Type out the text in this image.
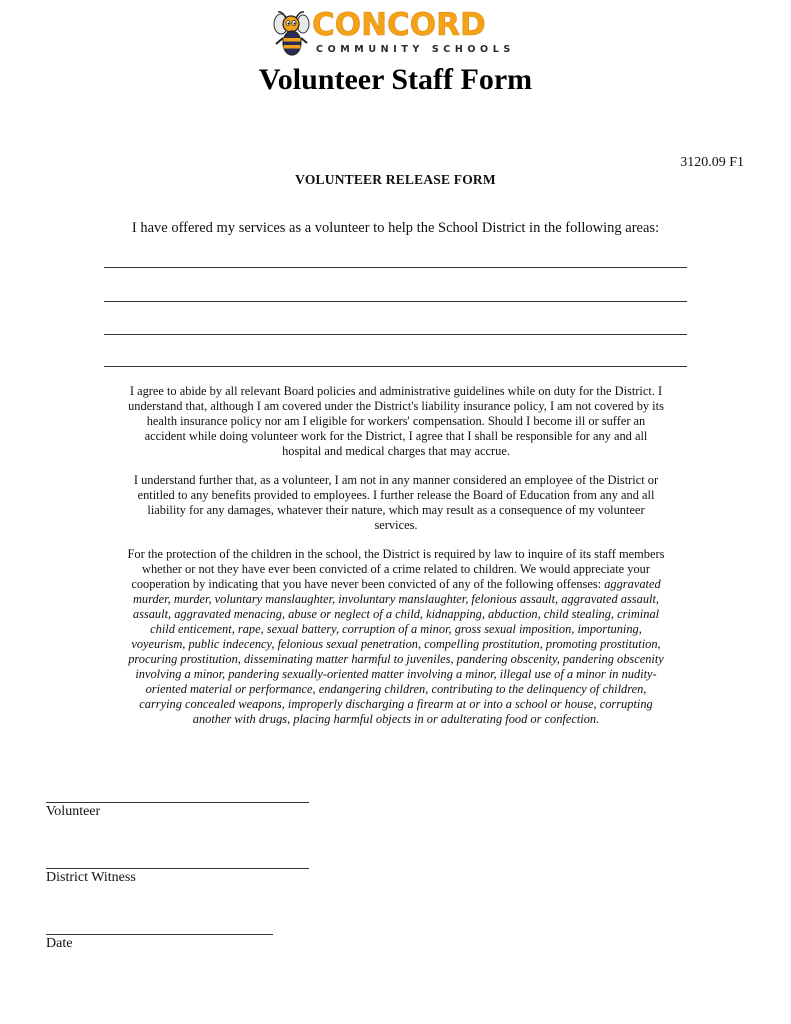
CONCORD
COMMUNITY SCHOOLS
Volunteer Staff Form
3120.09 F1
VOLUNTEER RELEASE FORM
I have offered my services as a volunteer to help the School District in the following areas:
I agree to abide by all relevant Board policies and administrative guidelines while on duty for the District. I understand that, although I am covered under the District's liability insurance policy, I am not covered by its health insurance policy nor am I eligible for workers' compensation. Should I become ill or suffer an accident while doing volunteer work for the District, I agree that I shall be responsible for any and all hospital and medical charges that may accrue.
I understand further that, as a volunteer, I am not in any manner considered an employee of the District or entitled to any benefits provided to employees. I further release the Board of Education from any and all liability for any damages, whatever their nature, which may result as a consequence of my volunteer services.
For the protection of the children in the school, the District is required by law to inquire of its staff members whether or not they have ever been convicted of a crime related to children. We would appreciate your cooperation by indicating that you have never been convicted of any of the following offenses: aggravated murder, murder, voluntary manslaughter, involuntary manslaughter, felonious assault, aggravated assault, assault, aggravated menacing, abuse or neglect of a child, kidnapping, abduction, child stealing, criminal child enticement, rape, sexual battery, corruption of a minor, gross sexual imposition, importuning, voyeurism, public indecency, felonious sexual penetration, compelling prostitution, promoting prostitution, procuring prostitution, disseminating matter harmful to juveniles, pandering obscenity, pandering obscenity involving a minor, pandering sexually-oriented matter involving a minor, illegal use of a minor in nudity-oriented material or performance, endangering children, contributing to the delinquency of children, carrying concealed weapons, improperly discharging a firearm at or into a school or house, corrupting another with drugs, placing harmful objects in or adulterating food or confection.
Volunteer
District Witness
Date
